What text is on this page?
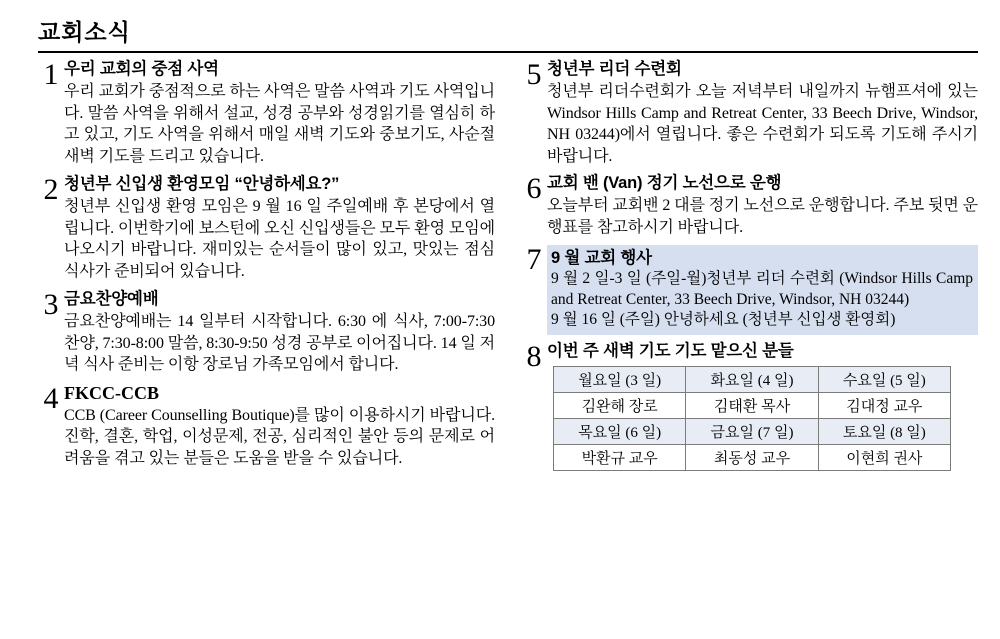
교회소식
1 우리 교회의 중점 사역
우리 교회가 중점적으로 하는 사역은 말씀 사역과 기도 사역입니다. 말씀 사역을 위해서 설교, 성경 공부와 성경읽기를 열심히 하고 있고, 기도 사역을 위해서 매일 새벽 기도와 중보기도, 사순절 새벽 기도를 드리고 있습니다.
2 청년부 신입생 환영모임 “안녕하세요?”
청년부 신입생 환영 모임은 9 월 16 일 주일예배 후 본당에서 열립니다. 이번학기에 보스턴에 오신 신입생들은 모두 환영 모임에 나오시기 바랍니다. 재미있는 순서들이 많이 있고, 맛있는 점심 식사가 준비되어 있습니다.
3 금요찬양예배
금요찬양예배는 14 일부터 시작합니다. 6:30 에 식사, 7:00-7:30 찬양, 7:30-8:00 말씀, 8:30-9:50 성경 공부로 이어집니다. 14 일 저녁 식사 준비는 이항 장로님 가족모임에서 합니다.
4 FKCC-CCB
CCB (Career Counselling Boutique)를 많이 이용하시기 바랍니다. 진학, 결혼, 학업, 이성문제, 전공, 심리적인 불안 등의 문제로 어려움을 겪고 있는 분들은 도움을 받을 수 있습니다.
5 청년부 리더 수련회
청년부 리더수련회가 오늘 저녁부터 내일까지 뉴햄프셔에 있는 Windsor Hills Camp and Retreat Center, 33 Beech Drive, Windsor, NH 03244)에서 열립니다. 좋은 수련회가 되도록 기도해 주시기 바랍니다.
6 교회 밴 (Van) 정기 노선으로 운행
오늘부터 교회밴 2 대를 정기 노선으로 운행합니다. 주보 뒷면 운행표를 참고하시기 바랍니다.
7 9 월 교회 행사
9 월 2 일-3 일 (주일-월)청년부 리더 수련회 (Windsor Hills Camp and Retreat Center, 33 Beech Drive, Windsor, NH 03244)
9 월 16 일 (주일) 안녕하세요 (청년부 신입생 환영회)
8 이번 주 새벽 기도 기도 맡으신 분들
월요일 (3 일)	화요일 (4 일)	수요일 (5 일)
김완해 장로	김태환 목사	김대정 교우
목요일 (6 일)	금요일 (7 일)	토요일 (8 일)
박환규 교우	최동성 교우	이현희 권사
